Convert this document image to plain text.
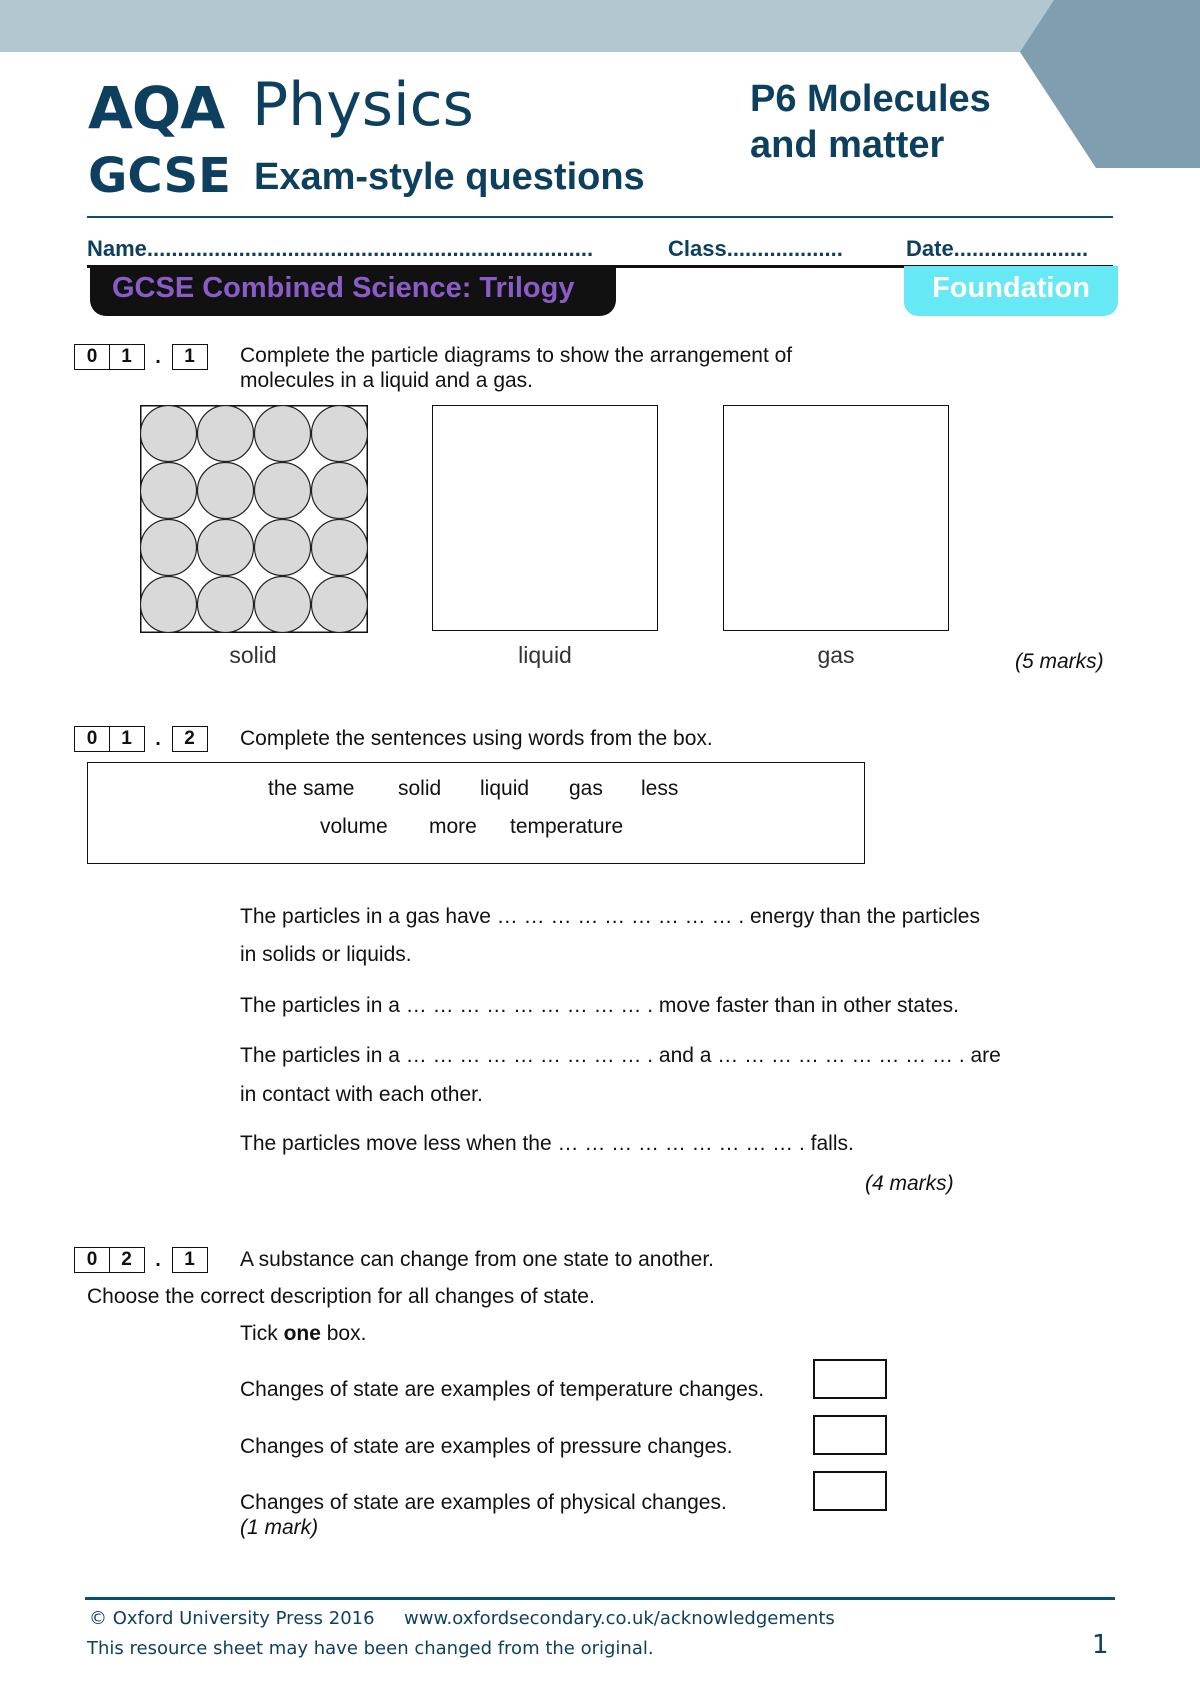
AQA Physics
GCSE Exam-style questions
P6 Molecules
and matter
Name.........................................................................	Class...................	Date......................
GCSE Combined Science: Trilogy	Foundation
0	1	.	1	Complete the particle diagrams to show the arrangement of
molecules in a liquid and a gas.
solid	liquid	gas	(5 marks)
0	1	.	2	Complete the sentences using words from the box.
the same solid liquid gas less
volume more temperature
The particles in a gas have … … … … … … … … … . energy than the particles
in solids or liquids.
The particles in a … … … … … … … … … . move faster than in other states.
The particles in a … … … … … … … … … . and a … … … … … … … … … . are
in contact with each other.
The particles move less when the … … … … … … … … … . falls.
(4 marks)
0	2	.	1	A substance can change from one state to another.
Choose the correct description for all changes of state.
Tick one box.
Changes of state are examples of temperature changes.
Changes of state are examples of pressure changes.
Changes of state are examples of physical changes.
(1 mark)
© Oxford University Press 2016 www.oxfordsecondary.co.uk/acknowledgements
This resource sheet may have been changed from the original.	1
